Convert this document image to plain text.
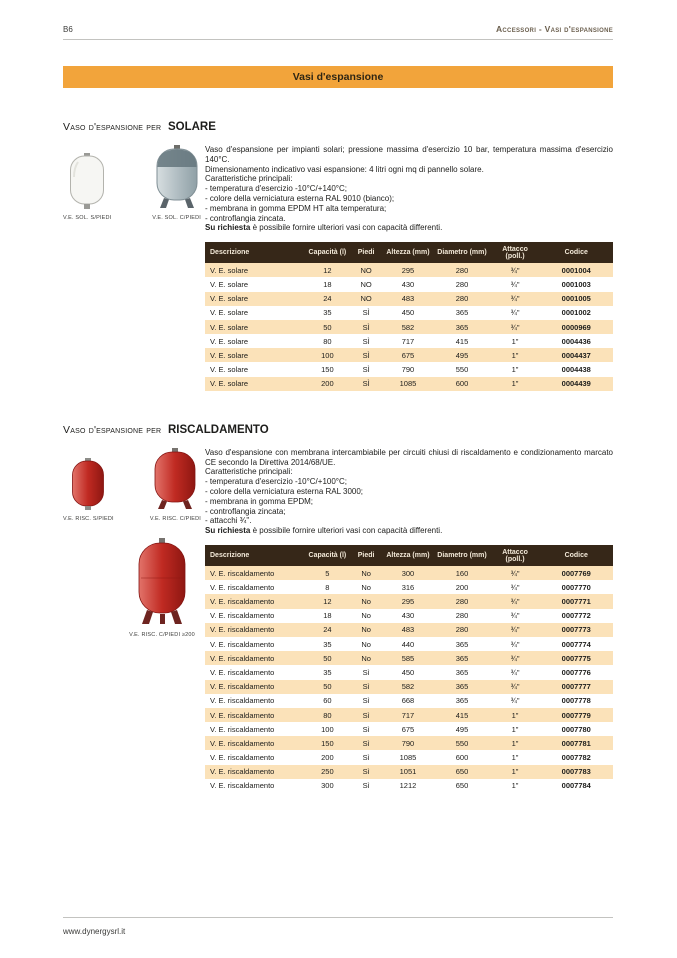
B6	Accessori - Vasi d'espansione
Vasi d'espansione
Vaso d'espansione per SOLARE
V.E. SOL. S/PIEDI	V.E. SOL. C/PIEDI

Vaso d'espansione per impianti solari; pressione massima d'esercizio 10 bar, temperatura massima d'esercizio 140°C.

Dimensionamento indicativo vasi espansione: 4 litri ogni mq di pannello solare.

Caratteristiche principali:

- temperatura d'esercizio -10°C/+140°C;
- colore della verniciatura esterna RAL 9010 (bianco);
- membrana in gomma EPDM HT alta temperatura;
- controflangia zincata.

Su richiesta è possibile fornire ulteriori vasi con capacità differenti.

Descrizione	Capacità (l)	Piedi	Altezza (mm)	Diametro (mm)	Attacco (poll.)	Codice
V. E. solare	12	NO	295	280	¾"	0001004
V. E. solare	18	NO	430	280	¾"	0001003
V. E. solare	24	NO	483	280	¾"	0001005
V. E. solare	35	SÌ	450	365	¾"	0001002
V. E. solare	50	SÌ	582	365	¾"	0000969
V. E. solare	80	SÌ	717	415	1"	0004436
V. E. solare	100	SÌ	675	495	1"	0004437
V. E. solare	150	SÌ	790	550	1"	0004438
V. E. solare	200	SÌ	1085	600	1"	0004439
Vaso d'espansione per RISCALDAMENTO
V.E. RISC. S/PIEDI	V.E. RISC. C/PIEDI
V.E. RISC. C/PIEDI ≥200

Vaso d'espansione con membrana intercambiabile per circuiti chiusi di riscaldamento e condizionamento marcato CE secondo la Direttiva 2014/68/UE.

Caratteristiche principali:

- temperatura d'esercizio -10°C/+100°C;
- colore della verniciatura esterna RAL 3000;
- membrana in gomma EPDM;
- controflangia zincata;
- attacchi ¾".

Su richiesta è possibile fornire ulteriori vasi con capacità differenti.

Descrizione	Capacità (l)	Piedi	Altezza (mm)	Diametro (mm)	Attacco (poll.)	Codice
V. E. riscaldamento	5	No	300	160	¾"	0007769
V. E. riscaldamento	8	No	316	200	¾"	0007770
V. E. riscaldamento	12	No	295	280	¾"	0007771
V. E. riscaldamento	18	No	430	280	¾"	0007772
V. E. riscaldamento	24	No	483	280	¾"	0007773
V. E. riscaldamento	35	No	440	365	¾"	0007774
V. E. riscaldamento	50	No	585	365	¾"	0007775
V. E. riscaldamento	35	Sì	450	365	¾"	0007776
V. E. riscaldamento	50	Sì	582	365	¾"	0007777
V. E. riscaldamento	60	Sì	668	365	¾"	0007778
V. E. riscaldamento	80	Sì	717	415	1"	0007779
V. E. riscaldamento	100	Sì	675	495	1"	0007780
V. E. riscaldamento	150	Sì	790	550	1"	0007781
V. E. riscaldamento	200	Sì	1085	600	1"	0007782
V. E. riscaldamento	250	Sì	1051	650	1"	0007783
V. E. riscaldamento	300	Sì	1212	650	1"	0007784
www.dynergysrl.it
